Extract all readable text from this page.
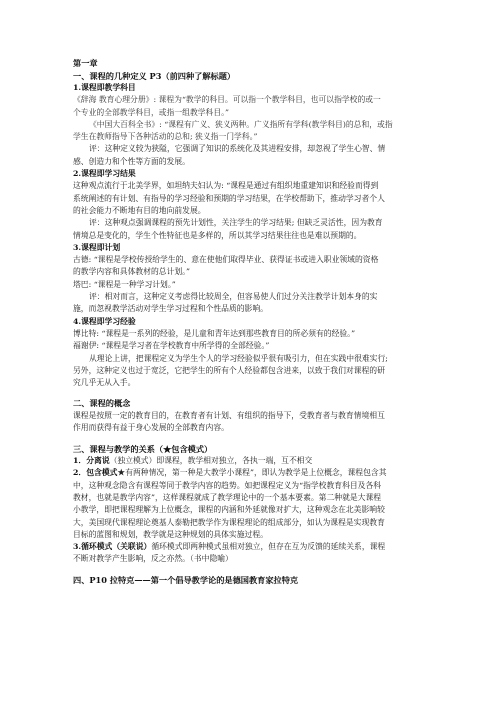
第一章
一、课程的几种定义 P3（前四种了解标题）
1.课程即教学科目
《辞海 教育心理分册》: 课程为“教学的科目。可以指一个教学科目，也可以指学校的或一
个专业的全部教学科目，或指一组教学科目。”
《中国大百科全书》: “课程有广义、狭义两种。广义指所有学科(教学科目)的总和，或指
学生在教师指导下各种活动的总和; 狭义指一门学科。”
评：这种定义较为狭隘，它强调了知识的系统化及其进程安排，却忽视了学生心智、情
感、创造力和个性等方面的发展。
2.课程即学习结果
这种观点流行于北美学界，如坦纳夫妇认为: “课程是通过有组织地重建知识和经验而得到
系统阐述的有计划、有指导的学习经验和预期的学习结果，在学校帮助下，推动学习者个人
的社会能力不断地有目的地向前发展。
评：这种观点强调课程的预先计划性，关注学生的学习结果; 但缺乏灵活性，因为教育
情境总是变化的，学生个性特征也是多样的，所以其学习结果往往也是难以预期的。
3.课程即计划
古德: “课程是学校传授给学生的、意在使他们取得毕业、获得证书或进入职业领域的资格
的教学内容和具体教材的总计划。”
塔巴: “课程是一种学习计划。”
评：相对而言，这种定义考虑得比较周全，但容易使人们过分关注教学计划本身的实
施，而忽视教学活动对学生学习过程和个性品质的影响。
4.课程即学习经验
博比特: “课程是一系列的经验，是儿童和青年达到那些教育目的所必须有的经验。”
福谢伊: “课程是学习者在学校教育中所学得的全部经验。”
从理论上讲，把课程定义为学生个人的学习经验似乎很有吸引力，但在实践中很难实行;
另外，这种定义也过于宽泛，它把学生的所有个人经验都包含进来，以致于我们对课程的研
究几乎无从入手。
二、课程的概念
课程是按照一定的教育目的，在教育者有计划、有组织的指导下，受教育者与教育情境相互
作用而获得有益于身心发展的全部教育内容。
三、课程与教学的关系（★包含模式）
1．分离说（独立模式）即课程，教学相对独立，各执一端，互不相交
2．包含模式★有两种情况，第一种是大教学小课程”，即认为教学是上位概念，课程包含其
中，这种观念隐含有课程等同于教学内容的趋势。如把课程定义为“指学校教育科目及各科
教材，也就是教学内容”，这样课程就成了教学理论中的一个基本要素。第二种就是大课程
小教学，即把课程理解为上位概念，课程的内涵和外延就像对扩大，这种观念在北美影响较
大，美国现代课程理论奠基人泰勒把教学作为课程理论的组成部分，如认为课程是实现教育
目标的蓝图和规划，教学就是这种规划的具体实施过程。
3.循环模式（关联说）循环模式即两种模式虽相对独立，但存在互为反馈的延续关系，课程
不断对教学产生影响，反之亦然。（书中隐喻）
四、P10 拉特克——第一个倡导教学论的是德国教育家拉特克
